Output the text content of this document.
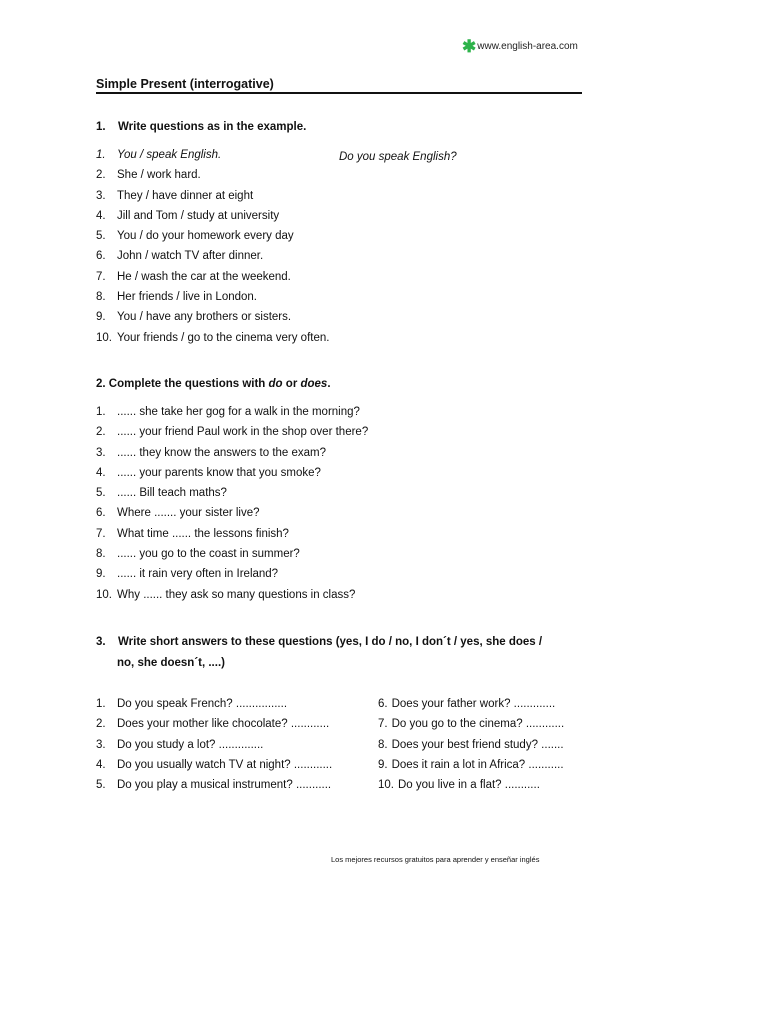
✱www.english-area.com
Simple Present (interrogative)
1. Write questions as in the example.
1. You / speak English.
2. She / work hard.
3. They / have dinner at eight
4. Jill and Tom / study at university
5. You / do your homework every day
6. John / watch TV after dinner.
7. He / wash the car at the weekend.
8. Her friends / live in London.
9. You / have any brothers or sisters.
10. Your friends / go to the cinema very often.
Do you speak English?
2. Complete the questions with do or does.
1. ...... she take her gog for a walk in the morning?
2. ...... your friend Paul work in the shop over there?
3. ...... they know the answers to the exam?
4. ...... your parents know that you smoke?
5. ...... Bill teach maths?
6. Where ....... your sister live?
7. What time ...... the lessons finish?
8. ...... you go to the coast in summer?
9. ...... it rain very often in Ireland?
10. Why ...... they ask so many questions in class?
3. Write short answers to these questions (yes, I do / no, I don´t / yes, she does /
no, she doesn´t, ....)
1. Do you speak French? ................
2. Does your mother like chocolate? ............
3. Do you study a lot? ..............
4. Do you usually watch TV at night? ............
5. Do you play a musical instrument? ...........
6. Does your father work? .............
7. Do you go to the cinema? ............
8. Does your best friend study? .......
9. Does it rain a lot in Africa? ...........
10. Do you live in a flat? ...........
Los mejores recursos gratuitos para aprender y enseñar inglés
